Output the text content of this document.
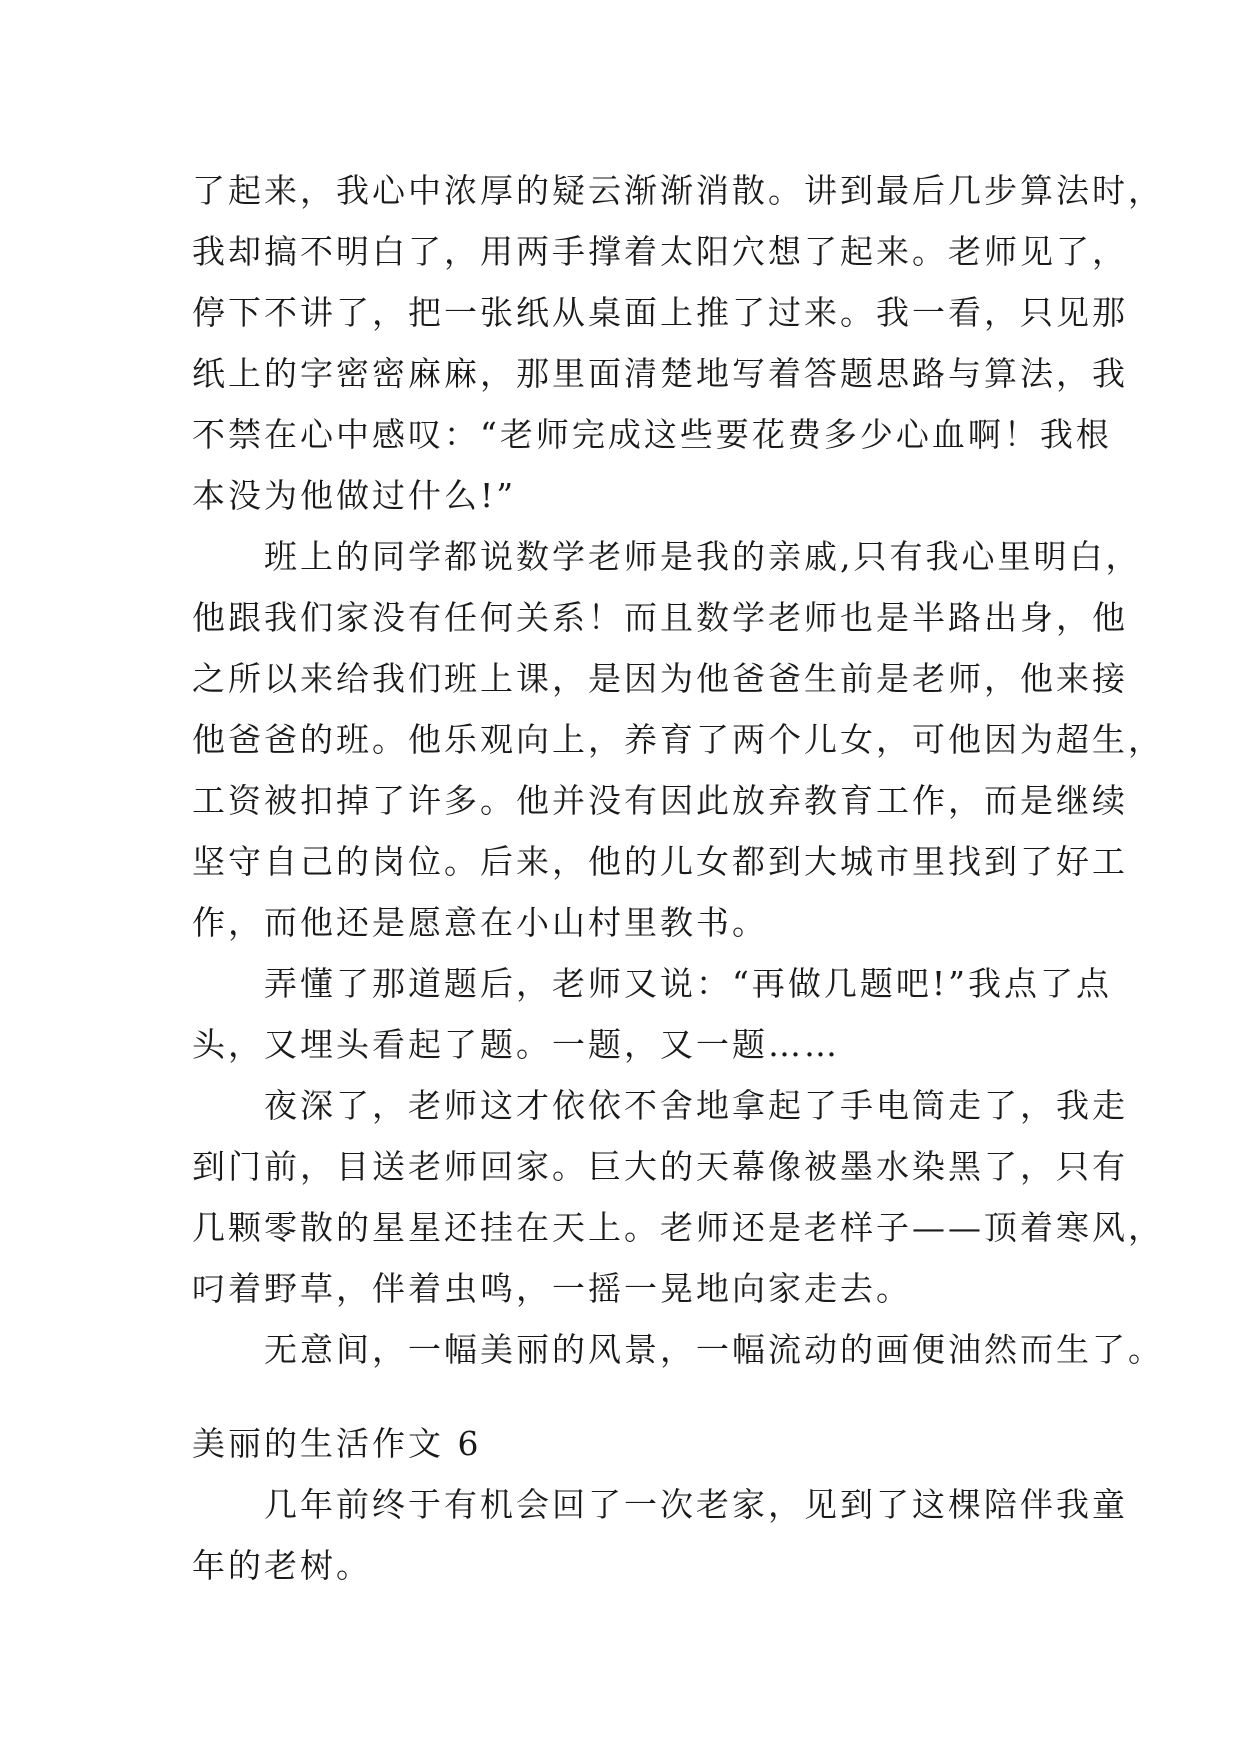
了起来，我心中浓厚的疑云渐渐消散。讲到最后几步算法时，
我却搞不明白了，用两手撑着太阳穴想了起来。老师见了，
停下不讲了，把一张纸从桌面上推了过来。我一看，只见那
纸上的字密密麻麻，那里面清楚地写着答题思路与算法，我
不禁在心中感叹：“老师完成这些要花费多少心血啊！我根
本没为他做过什么!”
　　班上的同学都说数学老师是我的亲戚,只有我心里明白，
他跟我们家没有任何关系！而且数学老师也是半路出身，他
之所以来给我们班上课，是因为他爸爸生前是老师，他来接
他爸爸的班。他乐观向上，养育了两个儿女，可他因为超生，
工资被扣掉了许多。他并没有因此放弃教育工作，而是继续
坚守自己的岗位。后来，他的儿女都到大城市里找到了好工
作，而他还是愿意在小山村里教书。
　　弄懂了那道题后，老师又说：“再做几题吧!”我点了点
头，又埋头看起了题。一题，又一题……
　　夜深了，老师这才依依不舍地拿起了手电筒走了，我走
到门前，目送老师回家。巨大的天幕像被墨水染黑了，只有
几颗零散的星星还挂在天上。老师还是老样子——顶着寒风，
叼着野草，伴着虫鸣，一摇一晃地向家走去。
　　无意间，一幅美丽的风景，一幅流动的画便油然而生了。
美丽的生活作文 6
　　几年前终于有机会回了一次老家，见到了这棵陪伴我童
年的老树。
